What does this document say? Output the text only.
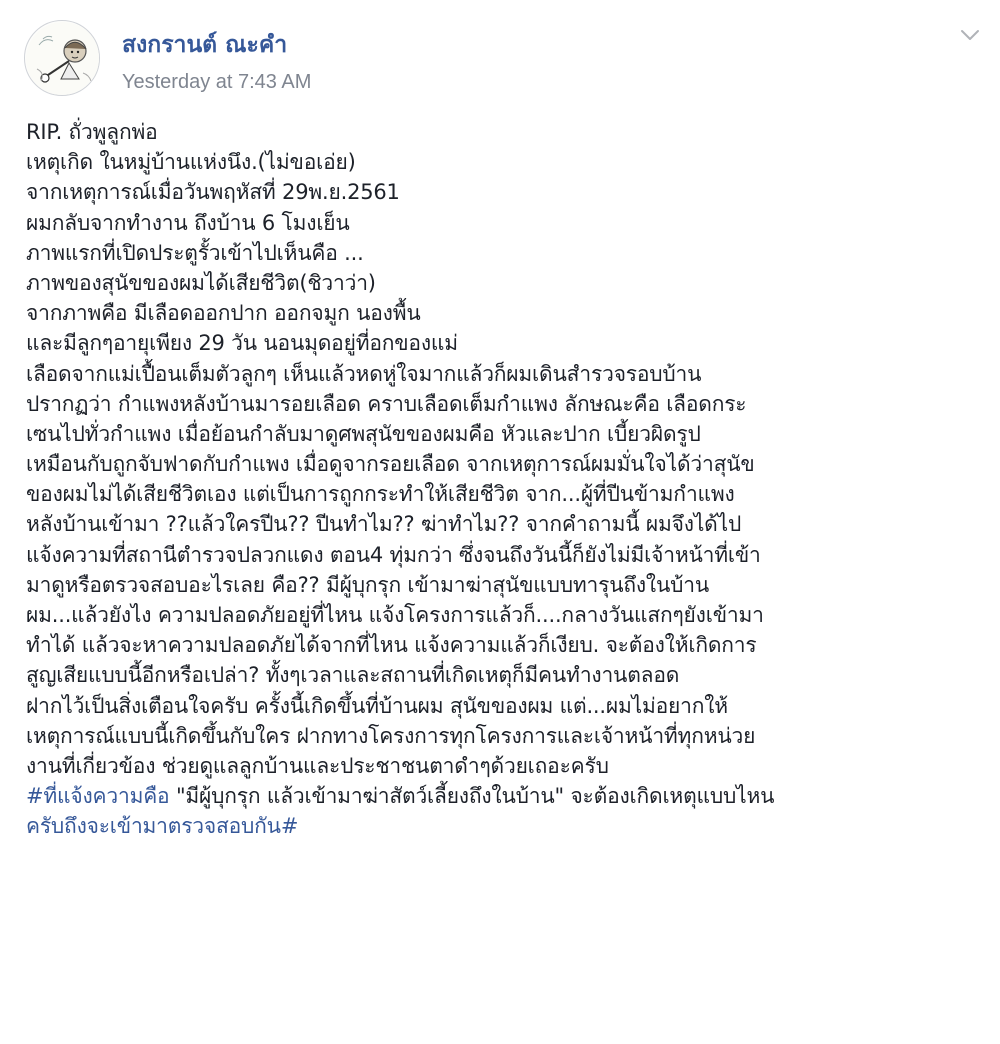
สงกรานต์ ณะคำ
Yesterday at 7:43 AM
RIP. ถั่วพูลูกพ่อ
เหตุเกิด ในหมู่บ้านแห่งนึง.(ไม่ขอเอ่ย)
จากเหตุการณ์เมื่อวันพฤหัสที่ 29พ.ย.2561
ผมกลับจากทำงาน ถึงบ้าน 6 โมงเย็น
ภาพแรกที่เปิดประตูรั้วเข้าไปเห็นคือ ...
ภาพของสุนัขของผมได้เสียชีวิต(ชิวาว่า)
จากภาพคือ มีเลือดออกปาก ออกจมูก นองพื้น
และมีลูกๆอายุเพียง 29 วัน นอนมุดอยู่ที่อกของแม่
เลือดจากแม่เปื้อนเต็มตัวลูกๆ เห็นแล้วหดหู่ใจมากแล้วก็ผมเดินสำรวจรอบบ้าน
ปรากฏว่า กำแพงหลังบ้านมารอยเลือด คราบเลือดเต็มกำแพง ลักษณะคือ เลือดกระ
เซนไปทั่วกำแพง เมื่อย้อนกำลับมาดูศพสุนัขของผมคือ หัวและปาก เบี้ยวผิดรูป
เหมือนกับถูกจับฟาดกับกำแพง เมื่อดูจากรอยเลือด จากเหตุการณ์ผมมั่นใจได้ว่าสุนัข
ของผมไม่ได้เสียชีวิตเอง แต่เป็นการถูกกระทำให้เสียชีวิต จาก...ผู้ที่ปีนข้ามกำแพง
หลังบ้านเข้ามา ??แล้วใครปีน?? ปีนทำไม?? ฆ่าทำไม?? จากคำถามนี้ ผมจึงได้ไป
แจ้งความที่สถานีตำรวจปลวกแดง ตอน4 ทุ่มกว่า ซึ่งจนถึงวันนี้ก็ยังไม่มีเจ้าหน้าที่เข้า
มาดูหรือตรวจสอบอะไรเลย คือ?? มีผู้บุกรุก เข้ามาฆ่าสุนัขแบบทารุนถึงในบ้าน
ผม...แล้วยังไง ความปลอดภัยอยู่ที่ไหน แจ้งโครงการแล้วก็....กลางวันแสกๆยังเข้ามา
ทำได้ แล้วจะหาความปลอดภัยได้จากที่ไหน แจ้งความแล้วก็เงียบ. จะต้องให้เกิดการ
สูญเสียแบบนี้อีกหรือเปล่า? ทั้งๆเวลาและสถานที่เกิดเหตุก็มีคนทำงานตลอด
ฝากไว้เป็นสิ่งเตือนใจครับ ครั้งนี้เกิดขึ้นที่บ้านผม สุนัขของผม แต่...ผมไม่อยากให้
เหตุการณ์แบบนี้เกิดขึ้นกับใคร ฝากทางโครงการทุกโครงการและเจ้าหน้าที่ทุกหน่วย
งานที่เกี่ยวข้อง ช่วยดูแลลูกบ้านและประชาชนตาดำๆด้วยเถอะครับ
#ที่แจ้งความคือ "มีผู้บุกรุก แล้วเข้ามาฆ่าสัตว์เลี้ยงถึงในบ้าน" จะต้องเกิดเหตุแบบไหน
ครับถึงจะเข้ามาตรวจสอบกัน#
